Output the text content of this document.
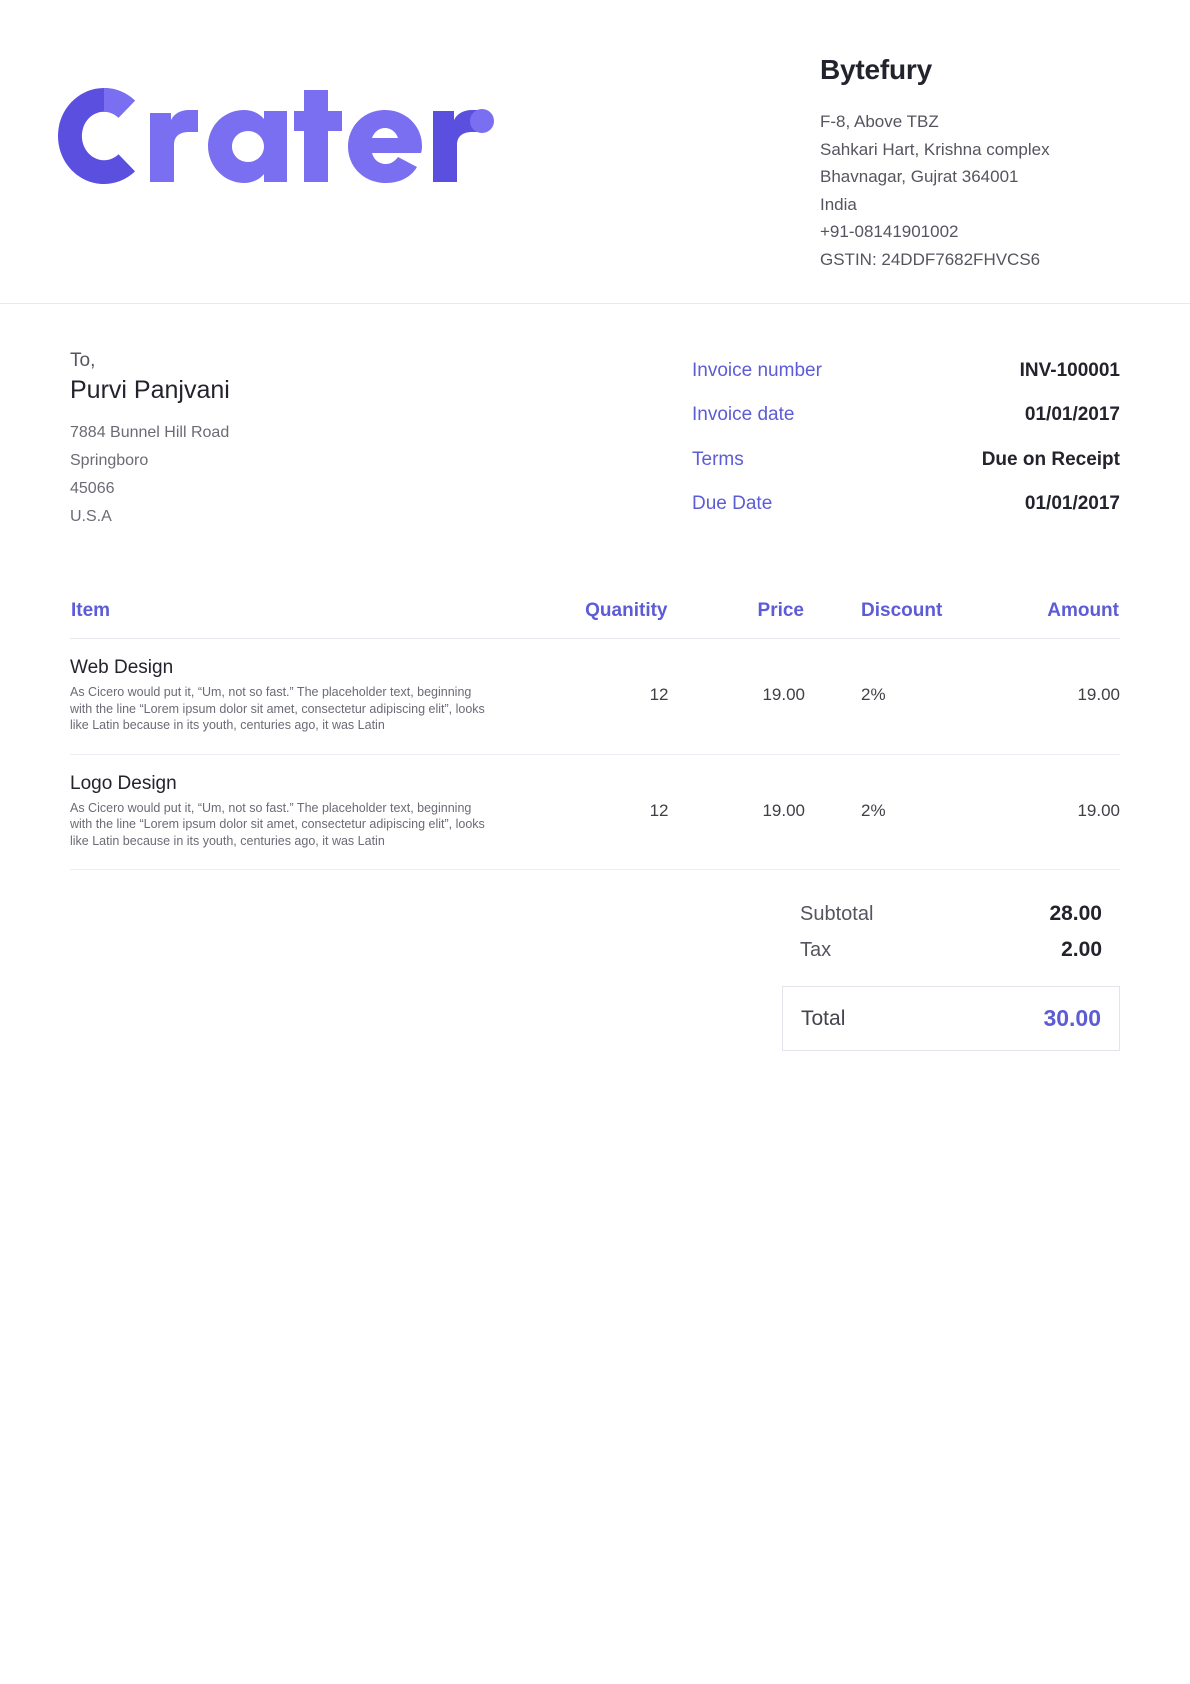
Bytefury
F-8, Above TBZ
Sahkari Hart, Krishna complex
Bhavnagar, Gujrat 364001
India
+91-08141901002
GSTIN: 24DDF7682FHVCS6
To,
Purvi Panjvani
7884 Bunnel Hill Road
Springboro
45066
U.S.A
Invoice number	INV-100001
Invoice date	01/01/2017
Terms	Due on Receipt
Due Date	01/01/2017
Item	Quanitity	Price	Discount	Amount

Web Design
As Cicero would put it, “Um, not so fast.” The placeholder text, beginning with the line “Lorem ipsum dolor sit amet, consectetur adipiscing elit”, looks like Latin because in its youth, centuries ago, it was Latin	12	19.00	2%	19.00

Logo Design
As Cicero would put it, “Um, not so fast.” The placeholder text, beginning with the line “Lorem ipsum dolor sit amet, consectetur adipiscing elit”, looks like Latin because in its youth, centuries ago, it was Latin	12	19.00	2%	19.00
Subtotal	28.00
Tax	2.00
Total	30.00
